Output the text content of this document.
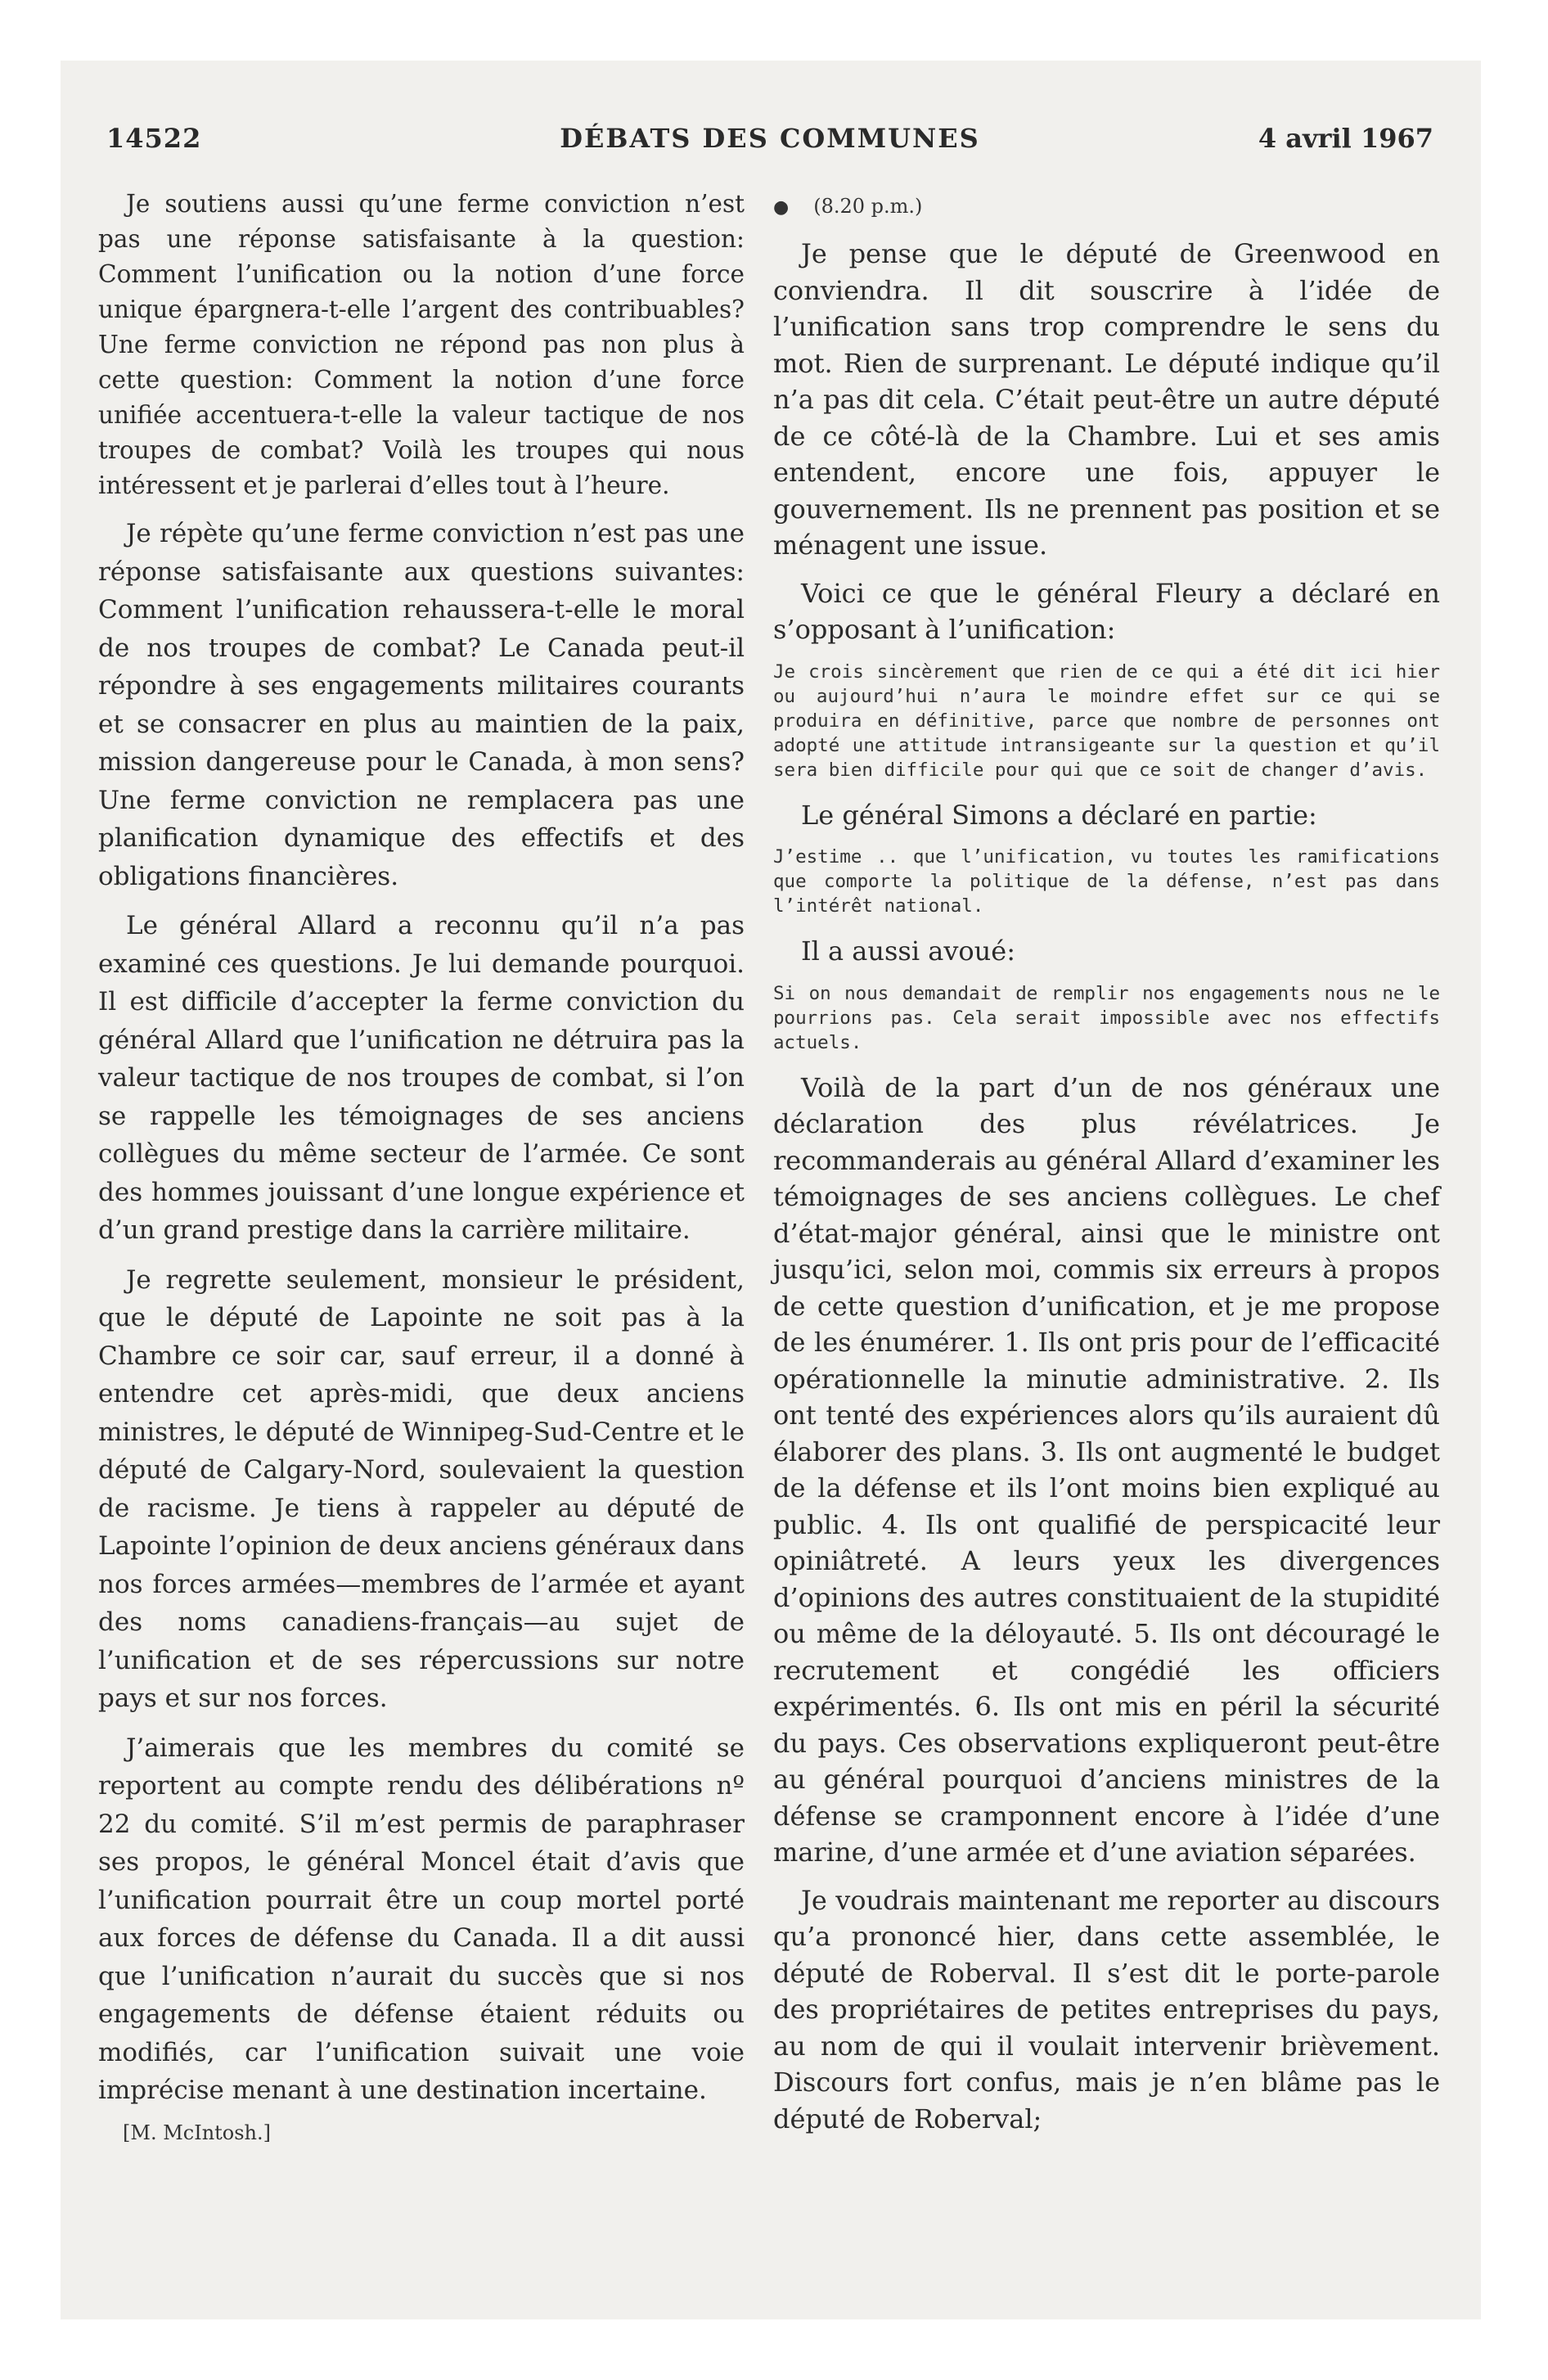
14522	DÉBATS DES COMMUNES	4 avril 1967

Je soutiens aussi qu’une ferme conviction n’est pas une réponse satisfaisante à la question: Comment l’unification ou la notion d’une force unique épargnera-t-elle l’argent des contribuables? Une ferme conviction ne répond pas non plus à cette question: Comment la notion d’une force unifiée accentuera-t-elle la valeur tactique de nos troupes de combat? Voilà les troupes qui nous intéressent et je parlerai d’elles tout à l’heure.

Je répète qu’une ferme conviction n’est pas une réponse satisfaisante aux questions suivantes: Comment l’unification rehaussera-t-elle le moral de nos troupes de combat? Le Canada peut-il répondre à ses engagements militaires courants et se consacrer en plus au maintien de la paix, mission dangereuse pour le Canada, à mon sens? Une ferme conviction ne remplacera pas une planification dynamique des effectifs et des obligations financières.

Le général Allard a reconnu qu’il n’a pas examiné ces questions. Je lui demande pourquoi. Il est difficile d’accepter la ferme conviction du général Allard que l’unification ne détruira pas la valeur tactique de nos troupes de combat, si l’on se rappelle les témoignages de ses anciens collègues du même secteur de l’armée. Ce sont des hommes jouissant d’une longue expérience et d’un grand prestige dans la carrière militaire.

Je regrette seulement, monsieur le président, que le député de Lapointe ne soit pas à la Chambre ce soir car, sauf erreur, il a donné à entendre cet après-midi, que deux anciens ministres, le député de Winnipeg-Sud-Centre et le député de Calgary-Nord, soulevaient la question de racisme. Je tiens à rappeler au député de Lapointe l’opinion de deux anciens généraux dans nos forces armées—membres de l’armée et ayant des noms canadiens-français—au sujet de l’unification et de ses répercussions sur notre pays et sur nos forces.

J’aimerais que les membres du comité se reportent au compte rendu des délibérations nº 22 du comité. S’il m’est permis de paraphraser ses propos, le général Moncel était d’avis que l’unification pourrait être un coup mortel porté aux forces de défense du Canada. Il a dit aussi que l’unification n’aurait du succès que si nos engagements de défense étaient réduits ou modifiés, car l’unification suivait une voie imprécise menant à une destination incertaine.

[M. McIntosh.]
● (8.20 p.m.)

Je pense que le député de Greenwood en conviendra. Il dit souscrire à l’idée de l’unification sans trop comprendre le sens du mot. Rien de surprenant. Le député indique qu’il n’a pas dit cela. C’était peut-être un autre député de ce côté-là de la Chambre. Lui et ses amis entendent, encore une fois, appuyer le gouvernement. Ils ne prennent pas position et se ménagent une issue.

Voici ce que le général Fleury a déclaré en s’opposant à l’unification:

Je crois sincèrement que rien de ce qui a été dit ici hier ou aujourd’hui n’aura le moindre effet sur ce qui se produira en définitive, parce que nombre de personnes ont adopté une attitude intransigeante sur la question et qu’il sera bien difficile pour qui que ce soit de changer d’avis.

Le général Simons a déclaré en partie:

J’estime .. que l’unification, vu toutes les ramifications que comporte la politique de la défense, n’est pas dans l’intérêt national.

Il a aussi avoué:

Si on nous demandait de remplir nos engagements nous ne le pourrions pas. Cela serait impossible avec nos effectifs actuels.

Voilà de la part d’un de nos généraux une déclaration des plus révélatrices. Je recommanderais au général Allard d’examiner les témoignages de ses anciens collègues. Le chef d’état-major général, ainsi que le ministre ont jusqu’ici, selon moi, commis six erreurs à propos de cette question d’unification, et je me propose de les énumérer. 1. Ils ont pris pour de l’efficacité opérationnelle la minutie administrative. 2. Ils ont tenté des expériences alors qu’ils auraient dû élaborer des plans. 3. Ils ont augmenté le budget de la défense et ils l’ont moins bien expliqué au public. 4. Ils ont qualifié de perspicacité leur opiniâtreté. A leurs yeux les divergences d’opinions des autres constituaient de la stupidité ou même de la déloyauté. 5. Ils ont découragé le recrutement et congédié les officiers expérimentés. 6. Ils ont mis en péril la sécurité du pays. Ces observations expliqueront peut-être au général pourquoi d’anciens ministres de la défense se cramponnent encore à l’idée d’une marine, d’une armée et d’une aviation séparées.

Je voudrais maintenant me reporter au discours qu’a prononcé hier, dans cette assemblée, le député de Roberval. Il s’est dit le porte-parole des propriétaires de petites entreprises du pays, au nom de qui il voulait intervenir brièvement. Discours fort confus, mais je n’en blâme pas le député de Roberval;
